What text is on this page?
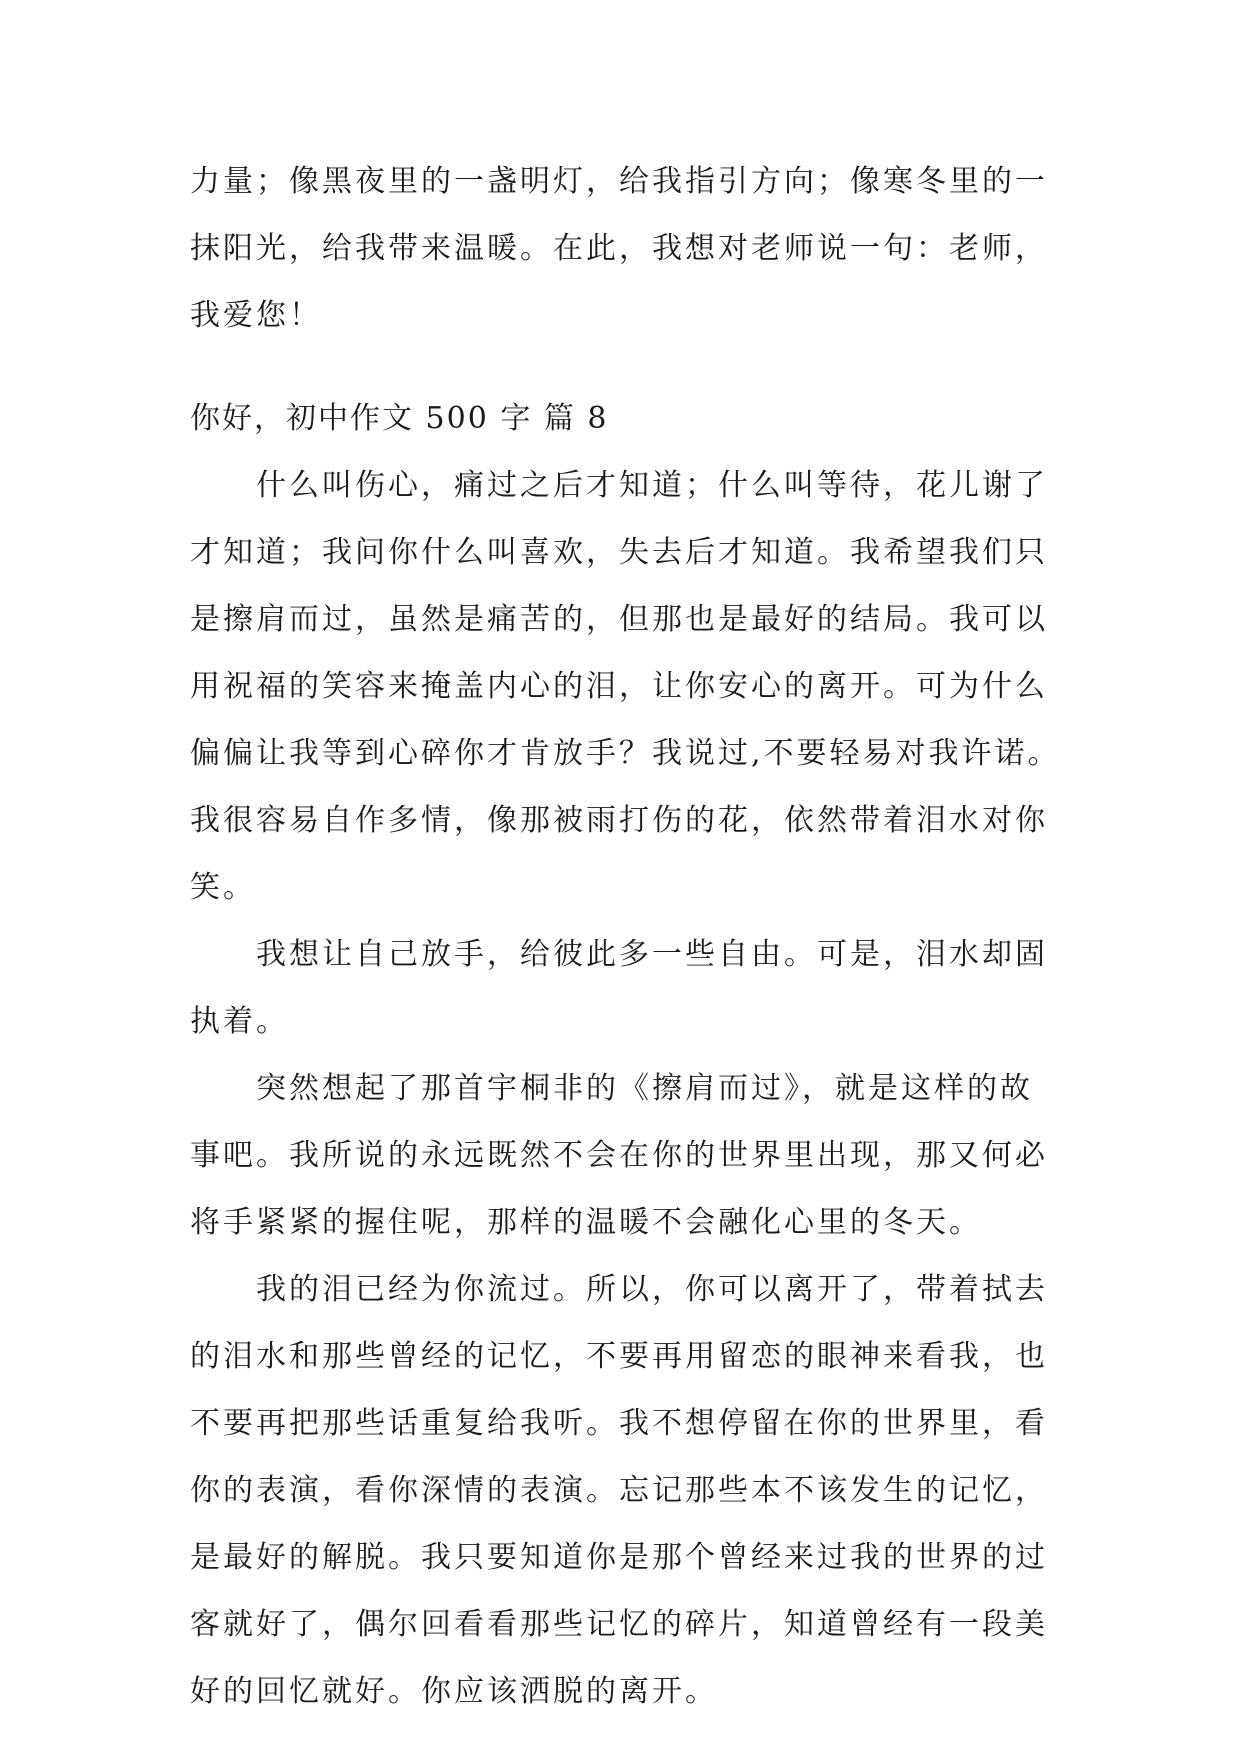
力量；像黑夜里的一盏明灯，给我指引方向；像寒冬里的一
抹阳光，给我带来温暖。在此，我想对老师说一句：老师，
我爱您！
你好，初中作文 500 字 篇 8
什么叫伤心，痛过之后才知道；什么叫等待，花儿谢了
才知道；我问你什么叫喜欢，失去后才知道。我希望我们只
是擦肩而过，虽然是痛苦的，但那也是最好的结局。我可以
用祝福的笑容来掩盖内心的泪，让你安心的离开。可为什么
偏偏让我等到心碎你才肯放手？我说过,不要轻易对我许诺。
我很容易自作多情，像那被雨打伤的花，依然带着泪水对你
笑。
我想让自己放手，给彼此多一些自由。可是，泪水却固
执着。
突然想起了那首宇桐非的《擦肩而过》，就是这样的故
事吧。我所说的永远既然不会在你的世界里出现，那又何必
将手紧紧的握住呢，那样的温暖不会融化心里的冬天。
我的泪已经为你流过。所以，你可以离开了，带着拭去
的泪水和那些曾经的记忆，不要再用留恋的眼神来看我，也
不要再把那些话重复给我听。我不想停留在你的世界里，看
你的表演，看你深情的表演。忘记那些本不该发生的记忆，
是最好的解脱。我只要知道你是那个曾经来过我的世界的过
客就好了，偶尔回看看那些记忆的碎片，知道曾经有一段美
好的回忆就好。你应该洒脱的离开。
